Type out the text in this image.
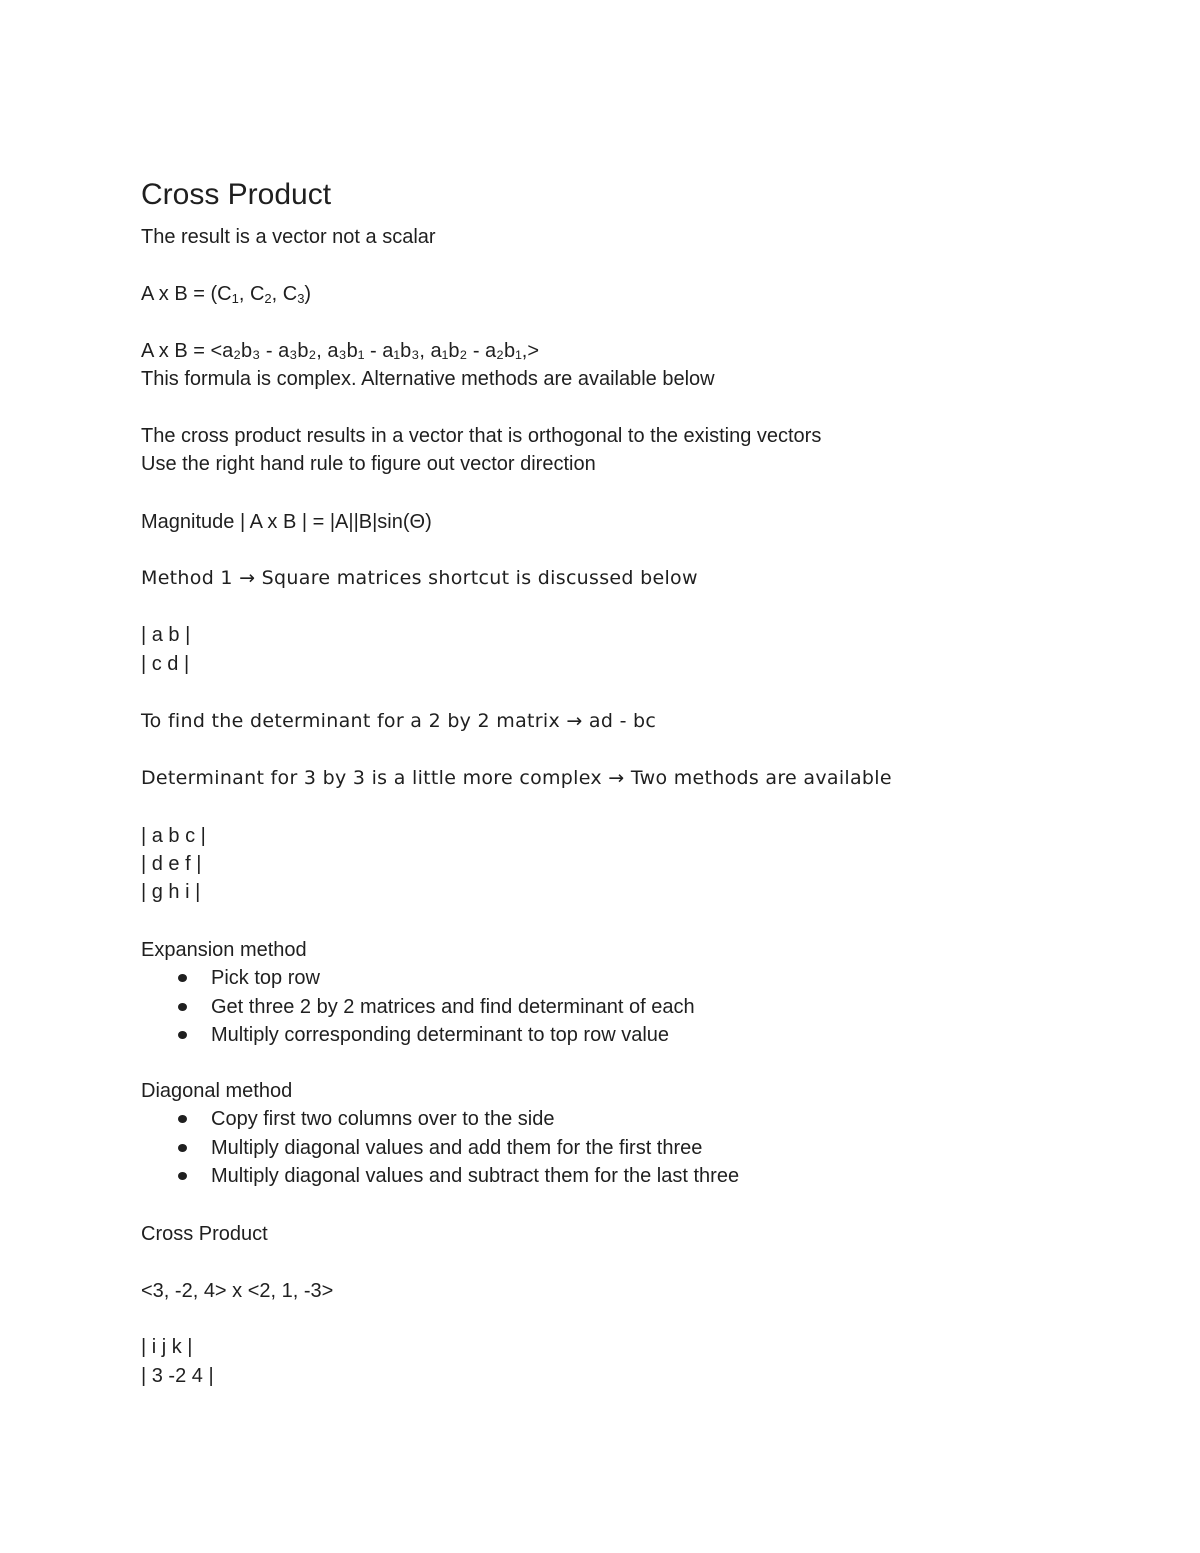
Cross Product
The result is a vector not a scalar
A x $B = (C_1$, $C_2$, $C_3$)
A x B = <a₂b₃ - a₃b₂, a₃b₁ - a₁b₃, a₁b₂ - a₂b₁,>
This formula is complex. Alternative methods are available below
The cross product results in a vector that is orthogonal to the existing vectors
Use the right hand rule to figure out vector direction
Magnitude | A x B | = |A||B|sin(Θ)
Method 1 → Square matrices shortcut is discussed below
| a b |
| c d |
To find the determinant for a 2 by 2 matrix → ad - bc
Determinant for 3 by 3 is a little more complex → Two methods are available
| a b c |
| d e f |
| g h i |
Expansion method
Pick top row
Get three 2 by 2 matrices and find determinant of each
Multiply corresponding determinant to top row value
Diagonal method
Copy first two columns over to the side
Multiply diagonal values and add them for the first three
Multiply diagonal values and subtract them for the last three
Cross Product
<3, -2, 4> x <2, 1, -3>
| i j k |
| 3 -2 4 |
